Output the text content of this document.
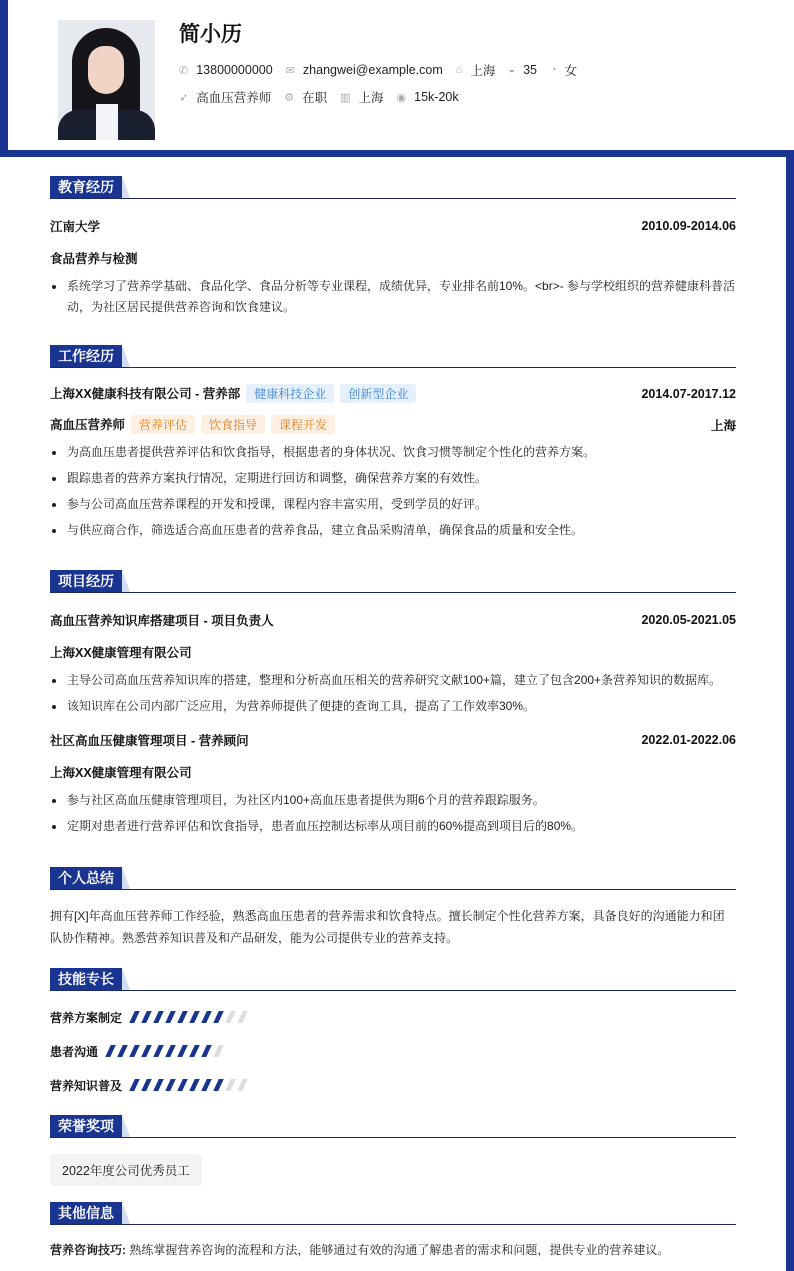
简小历
✆ 13800000000 ✉ zhangwei@example.com ⌂ 上海 ◒ 35 ◔ 女
➶ 高血压营养师 ⚙ 在职 ▥ 上海 ◉ 15k-20k
教育经历
江南大学	2010.09-2014.06
食品营养与检测
系统学习了营养学基础、食品化学、食品分析等专业课程，成绩优异，专业排名前10%。<br>- 参与学校组织的营养健康科普活动，为社区居民提供营养咨询和饮食建议。
工作经历
上海XX健康科技有限公司 - 营养部 健康科技企业 创新型企业	2014.07-2017.12
高血压营养师 营养评估 饮食指导 课程开发	上海
为高血压患者提供营养评估和饮食指导，根据患者的身体状况、饮食习惯等制定个性化的营养方案。
跟踪患者的营养方案执行情况，定期进行回访和调整，确保营养方案的有效性。
参与公司高血压营养课程的开发和授课，课程内容丰富实用，受到学员的好评。
与供应商合作，筛选适合高血压患者的营养食品，建立食品采购清单，确保食品的质量和安全性。
项目经历
高血压营养知识库搭建项目 - 项目负责人	2020.05-2021.05
上海XX健康管理有限公司
主导公司高血压营养知识库的搭建，整理和分析高血压相关的营养研究文献100+篇，建立了包含200+条营养知识的数据库。
该知识库在公司内部广泛应用，为营养师提供了便捷的查询工具，提高了工作效率30%。
社区高血压健康管理项目 - 营养顾问	2022.01-2022.06
上海XX健康管理有限公司
参与社区高血压健康管理项目，为社区内100+高血压患者提供为期6个月的营养跟踪服务。
定期对患者进行营养评估和饮食指导，患者血压控制达标率从项目前的60%提高到项目后的80%。
个人总结

拥有[X]年高血压营养师工作经验，熟悉高血压患者的营养需求和饮食特点。擅长制定个性化营养方案，具备良好的沟通能力和团队协作精神。熟悉营养知识普及和产品研发，能为公司提供专业的营养支持。

技能专长
营养方案制定
患者沟通
营养知识普及
荣誉奖项
2022年度公司优秀员工
其他信息

营养咨询技巧: 熟练掌握营养咨询的流程和方法，能够通过有效的沟通了解患者的需求和问题，提供专业的营养建议。
